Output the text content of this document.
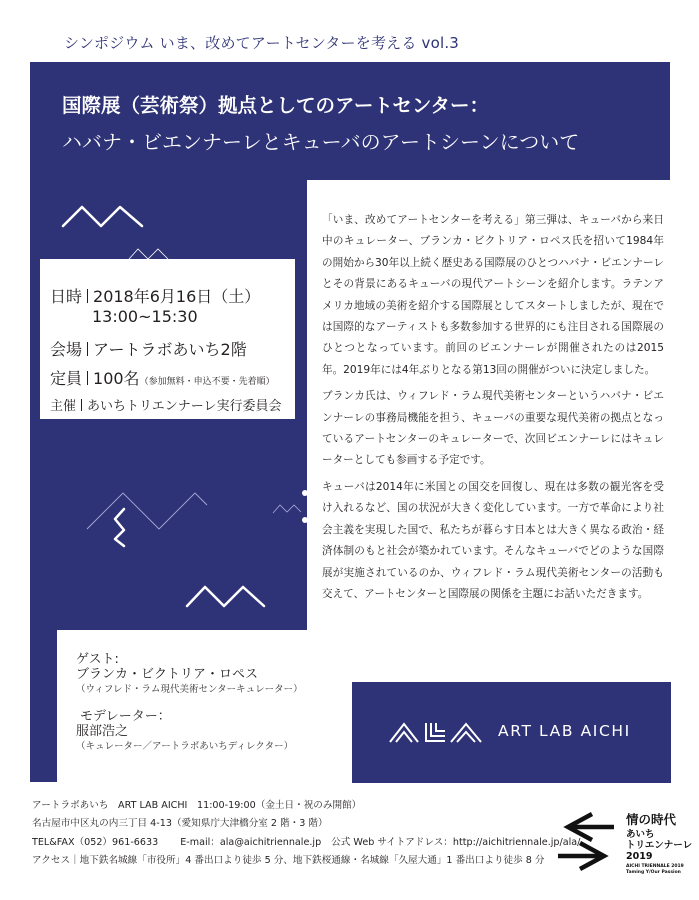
シンポジウム いま、改めてアートセンターを考える vol.3
国際展（芸術祭）拠点としてのアートセンター：
ハバナ・ビエンナーレとキューバのアートシーンについて
日時 2018年6月16日（土）
13:00~15:30
会場 アートラボあいち2階
定員 100名（参加無料・申込不要・先着順）
主催 あいちトリエンナーレ実行委員会

「いま、改めてアートセンターを考える」第三弾は、キューバから来日中のキュレーター、ブランカ・ビクトリア・ロペス氏を招いて1984年の開始から30年以上続く歴史ある国際展のひとつハバナ・ビエンナーレとその背景にあるキューバの現代アートシーンを紹介します。ラテンアメリカ地域の美術を紹介する国際展としてスタートしましたが、現在では国際的なアーティストも多数参加する世界的にも注目される国際展のひとつとなっています。前回のビエンナーレが開催されたのは2015年。2019年には4年ぶりとなる第13回の開催がついに決定しました。

ブランカ氏は、ウィフレド・ラム現代美術センターというハバナ・ビエンナーレの事務局機能を担う、キューバの重要な現代美術の拠点となっているアートセンターのキュレーターで、次回ビエンナーレにはキュレーターとしても参画する予定です。

キューバは2014年に米国との国交を回復し、現在は多数の観光客を受け入れるなど、国の状況が大きく変化しています。一方で革命により社会主義を実現した国で、私たちが暮らす日本とは大きく異なる政治・経済体制のもと社会が築かれています。そんなキューバでどのような国際展が実施されているのか、ウィフレド・ラム現代美術センターの活動も交えて、アートセンターと国際展の関係を主題にお話いただきます。

ゲスト:
ブランカ・ビクトリア・ロペス
（ウィフレド・ラム現代美術センターキュレーター）
モデレーター：
服部浩之
（キュレーター／アートラボあいちディレクター）
ART LAB AICHI
アートラボあいち　ART LAB AICHI　11:00-19:00（金土日・祝のみ開館）
名古屋市中区丸の内三丁目 4-13（愛知県庁大津橋分室 2 階・3 階）
TEL&FAX（052）961-6633 E-mail：ala@aichitriennale.jp 公式 Web サイトアドレス：http://aichitriennale.jp/ala/
アクセス｜地下鉄名城線「市役所」4 番出口より徒歩 5 分、地下鉄桜通線・名城線「久屋大通」1 番出口より徒歩 8 分
情の時代
あいち
トリエンナーレ
2019
AICHI TRIENNALE 2019
Taming Y/Our Passion
